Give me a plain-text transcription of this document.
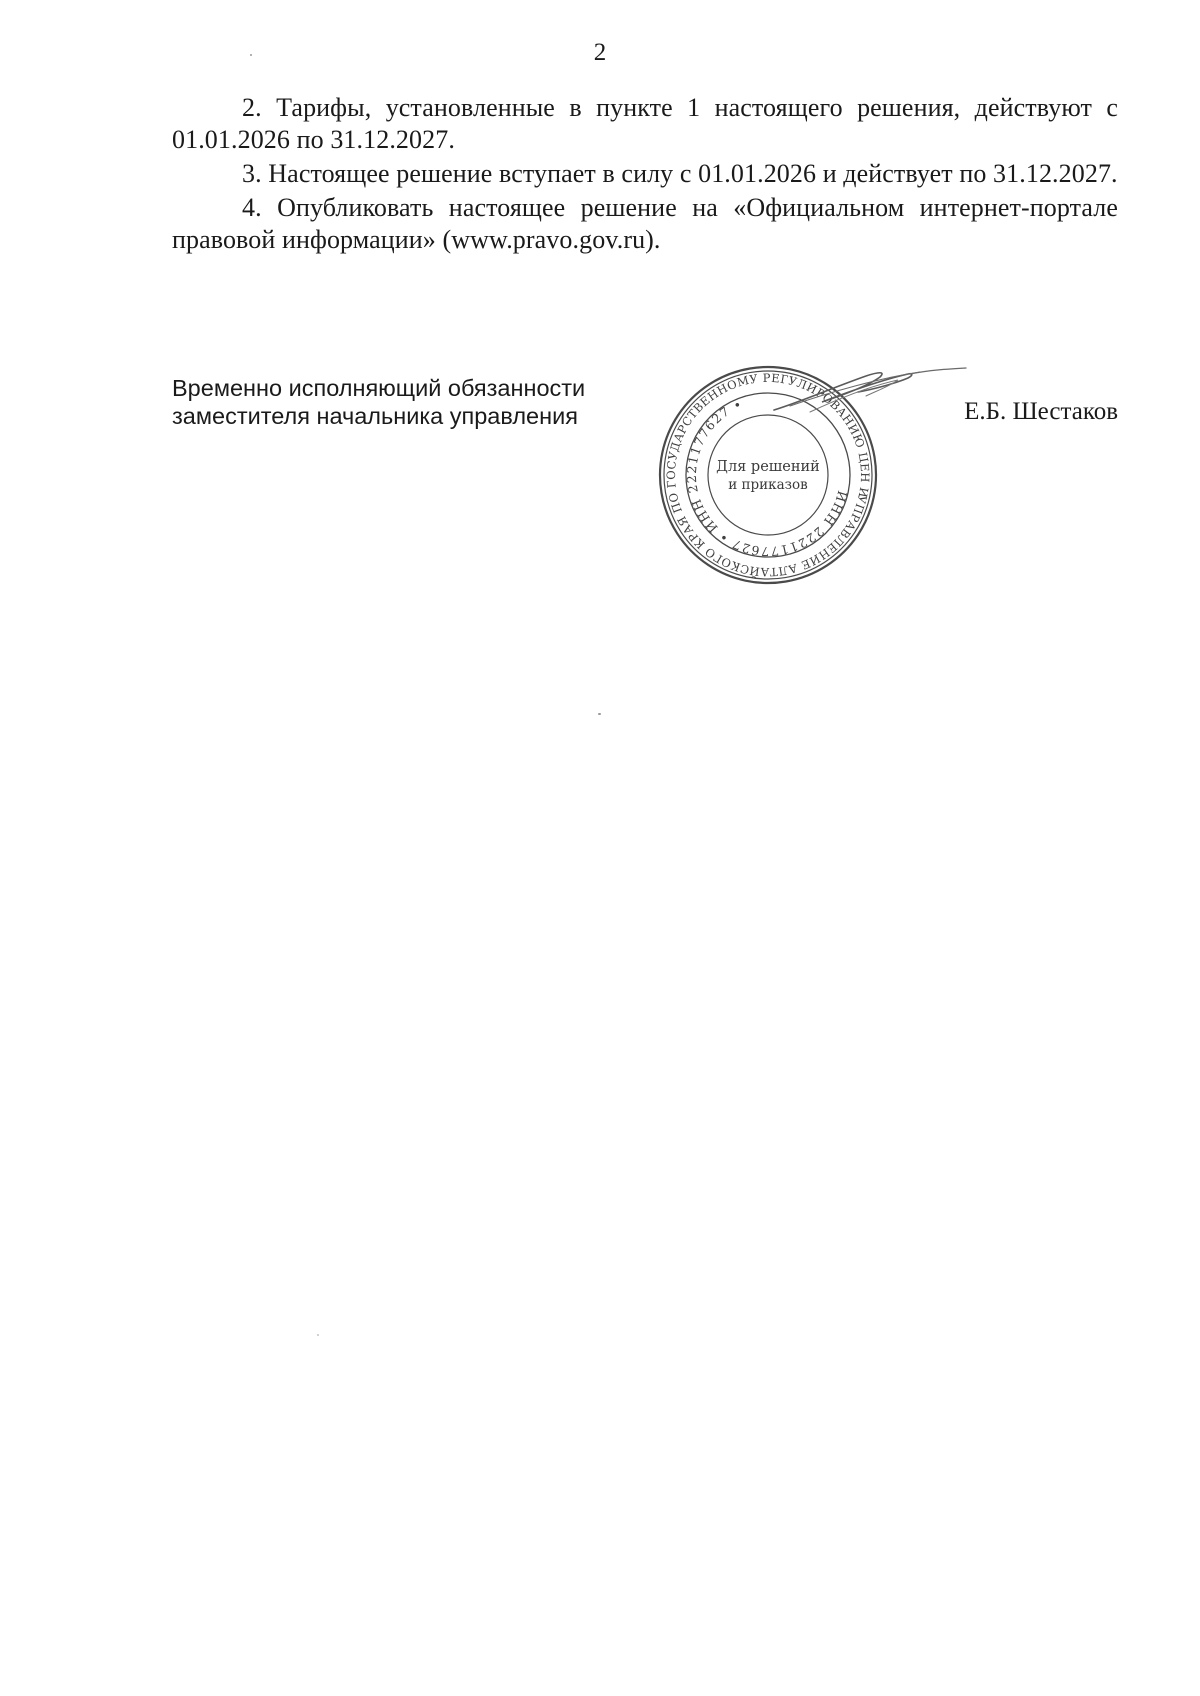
2

2. Тарифы, установленные в пункте 1 настоящего решения, действуют с 01.01.2026 по 31.12.2027.

3. Настоящее решение вступает в силу с 01.01.2026 и действует по 31.12.2027.

4. Опубликовать настоящее решение на «Официальном интернет-портале правовой информации» (www.pravo.gov.ru).

Временно исполняющий обязанности
заместителя начальника управления
УПРАВЛЕНИЕ АЛТАЙСКОГО КРАЯ ПО ГОСУДАРСТВЕННОМУ РЕГУЛИРОВАНИЮ ЦЕН И
ИНН 2221177627 • ИНН 2221177627 •
Для решений
и приказов
Е.Б. Шестаков
